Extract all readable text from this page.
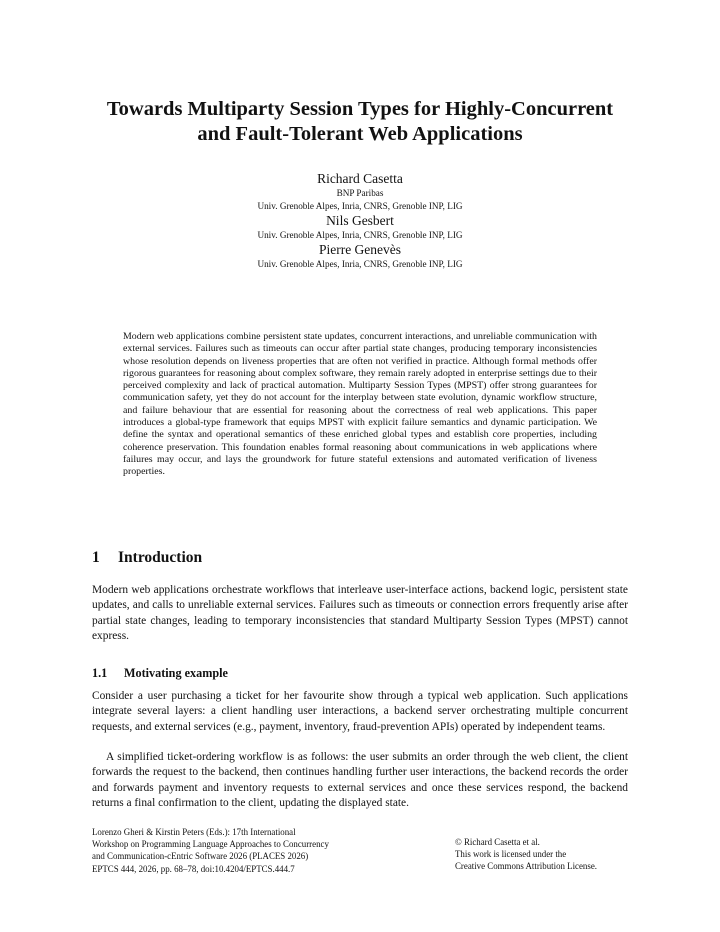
Towards Multiparty Session Types for Highly-Concurrent
and Fault-Tolerant Web Applications
Richard Casetta
BNP Paribas
Univ. Grenoble Alpes, Inria, CNRS, Grenoble INP, LIG
Nils Gesbert
Univ. Grenoble Alpes, Inria, CNRS, Grenoble INP, LIG
Pierre Genevès
Univ. Grenoble Alpes, Inria, CNRS, Grenoble INP, LIG

Modern web applications combine persistent state updates, concurrent interactions, and unreliable communication with external services. Failures such as timeouts can occur after partial state changes, producing temporary inconsistencies whose resolution depends on liveness properties that are often not verified in practice. Although formal methods offer rigorous guarantees for reasoning about complex software, they remain rarely adopted in enterprise settings due to their perceived complexity and lack of practical automation. Multiparty Session Types (MPST) offer strong guarantees for communication safety, yet they do not account for the interplay between state evolution, dynamic workflow structure, and failure behaviour that are essential for reasoning about the correctness of real web applications. This paper introduces a global-type framework that equips MPST with explicit failure semantics and dynamic participation. We define the syntax and operational semantics of these enriched global types and establish core properties, including coherence preservation. This foundation enables formal reasoning about communications in web applications where failures may occur, and lays the groundwork for future stateful extensions and automated verification of liveness properties.

1 Introduction

Modern web applications orchestrate workflows that interleave user-interface actions, backend logic, persistent state updates, and calls to unreliable external services. Failures such as timeouts or connection errors frequently arise after partial state changes, leading to temporary inconsistencies that standard Multiparty Session Types (MPST) cannot express.

1.1 Motivating example

Consider a user purchasing a ticket for her favourite show through a typical web application. Such applications integrate several layers: a client handling user interactions, a backend server orchestrating multiple concurrent requests, and external services (e.g., payment, inventory, fraud-prevention APIs) operated by independent teams.

A simplified ticket-ordering workflow is as follows: the user submits an order through the web client, the client forwards the request to the backend, then continues handling further user interactions, the backend records the order and forwards payment and inventory requests to external services and once these services respond, the backend returns a final confirmation to the client, updating the displayed state.

Lorenzo Gheri & Kirstin Peters (Eds.): 17th International
Workshop on Programming Language Approaches to Concurrency
and Communication-cEntric Software 2026 (PLACES 2026)
EPTCS 444, 2026, pp. 68–78, doi:10.4204/EPTCS.444.7
© Richard Casetta et al.
This work is licensed under the
Creative Commons Attribution License.
